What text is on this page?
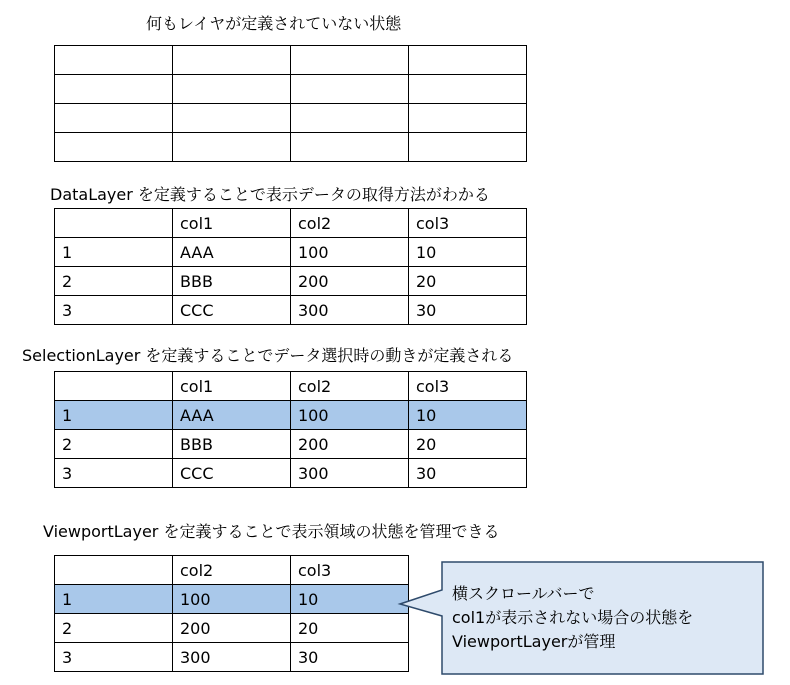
何もレイヤが定義されていない状態

DataLayer を定義することで表示データの取得方法がわかる
	col1	col2	col3
1	AAA	100	10
2	BBB	200	20
3	CCC	300	30
SelectionLayer を定義することでデータ選択時の動きが定義される
	col1	col2	col3
1	AAA	100	10
2	BBB	200	20
3	CCC	300	30
ViewportLayer を定義することで表示領域の状態を管理できる
	col2	col3
1	100	10
2	200	20
3	300	30
横スクロールバーで
col1が表示されない場合の状態を
ViewportLayerが管理
